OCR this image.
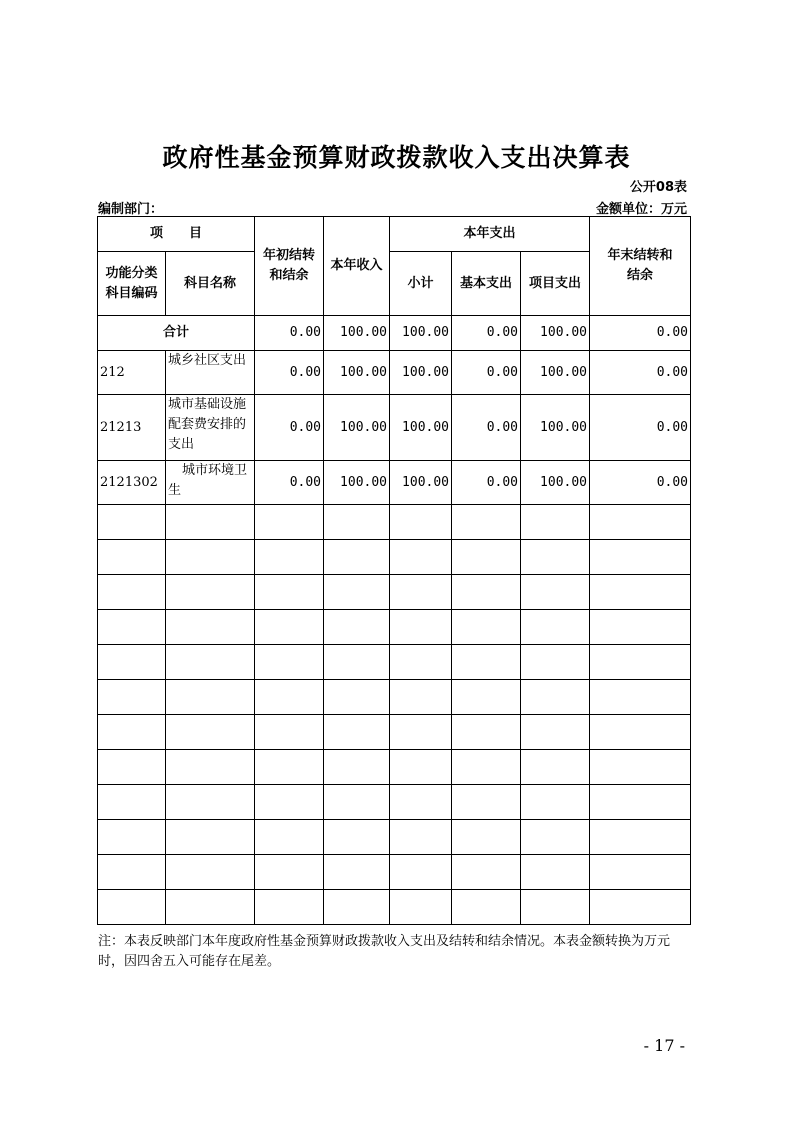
政府性基金预算财政拨款收入支出决算表
公开08表
编制部门：	金额单位：万元
项　　目		年初结转和结余	本年收入	本年支出			年末结转和结余
功能分类科目编码	科目名称			小计	基本支出	项目支出	
合计		0.00	100.00	100.00	0.00	100.00	0.00
212	城乡社区支出	0.00	100.00	100.00	0.00	100.00	0.00
21213	城市基础设施配套费安排的支出	0.00	100.00	100.00	0.00	100.00	0.00
2121302	城市环境卫生	0.00	100.00	100.00	0.00	100.00	0.00

注：本表反映部门本年度政府性基金预算财政拨款收入支出及结转和结余情况。本表金额转换为万元时，因四舍五入可能存在尾差。
- 17 -
